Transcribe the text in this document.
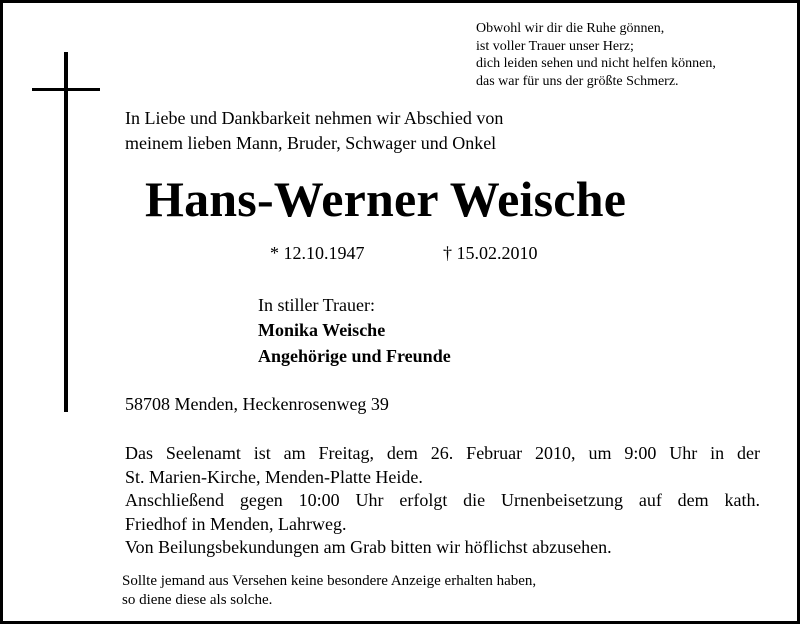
Obwohl wir dir die Ruhe gönnen,
ist voller Trauer unser Herz;
dich leiden sehen und nicht helfen können,
das war für uns der größte Schmerz.
In Liebe und Dankbarkeit nehmen wir Abschied von
meinem lieben Mann, Bruder, Schwager und Onkel
Hans-Werner Weische
* 12.10.1947	† 15.02.2010
In stiller Trauer:
Monika Weische
Angehörige und Freunde
58708 Menden, Heckenrosenweg 39
Das Seelenamt ist am Freitag, dem 26. Februar 2010, um 9:00 Uhr in der
St. Marien-Kirche, Menden-Platte Heide.
Anschließend gegen 10:00 Uhr erfolgt die Urnenbeisetzung auf dem kath.
Friedhof in Menden, Lahrweg.
Von Beilungsbekundungen am Grab bitten wir höflichst abzusehen.
Sollte jemand aus Versehen keine besondere Anzeige erhalten haben,
so diene diese als solche.
